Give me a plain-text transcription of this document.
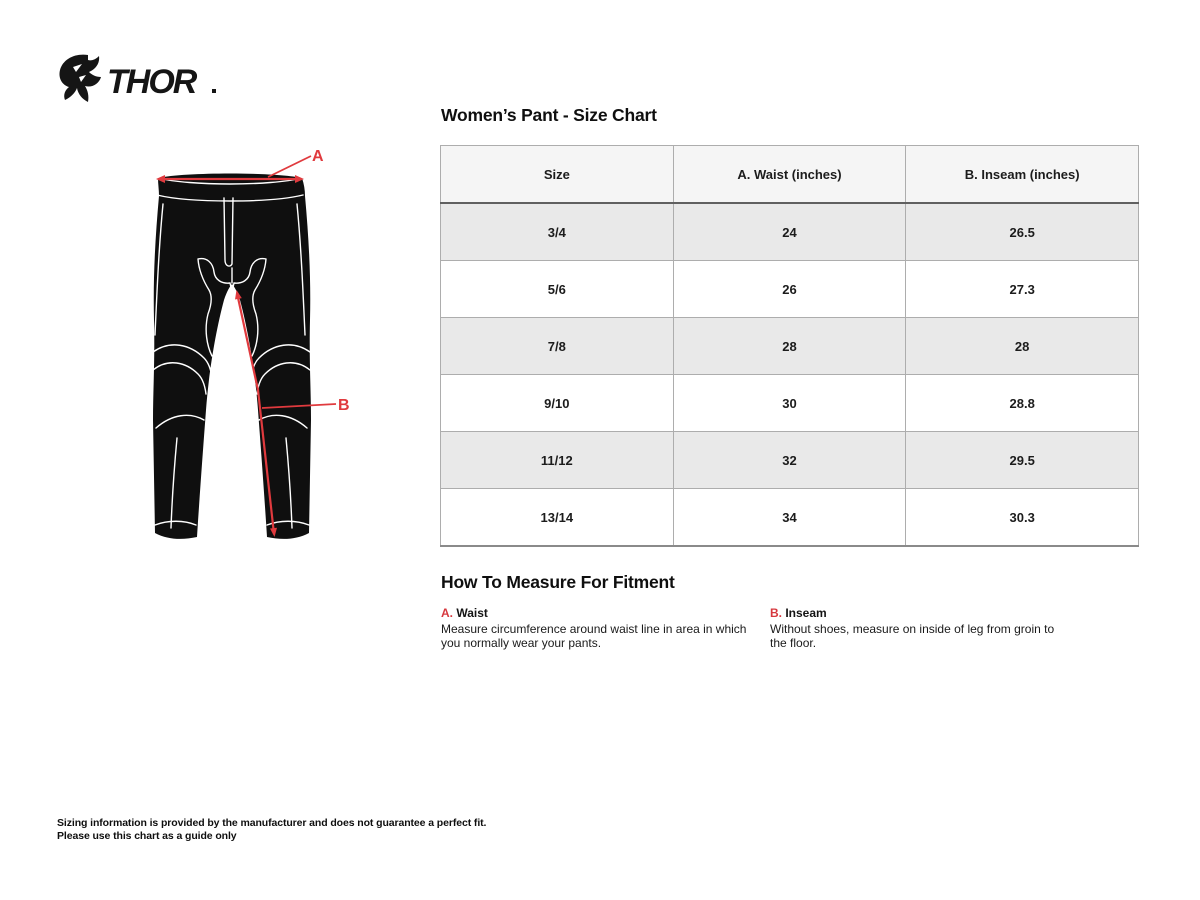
THOR
A
B
Women’s Pant - Size Chart
Size	A. Waist (inches)	B. Inseam (inches)
3/4	24	26.5
5/6	26	27.3
7/8	28	28
9/10	30	28.8
11/12	32	29.5
13/14	34	30.3
How To Measure For Fitment
A. Waist

Measure circumference around waist line in area in which you normally wear your pants.

B. Inseam

Without shoes, measure on inside of leg from groin to the floor.

Sizing information is provided by the manufacturer and does not guarantee a perfect fit.
Please use this chart as a guide only
